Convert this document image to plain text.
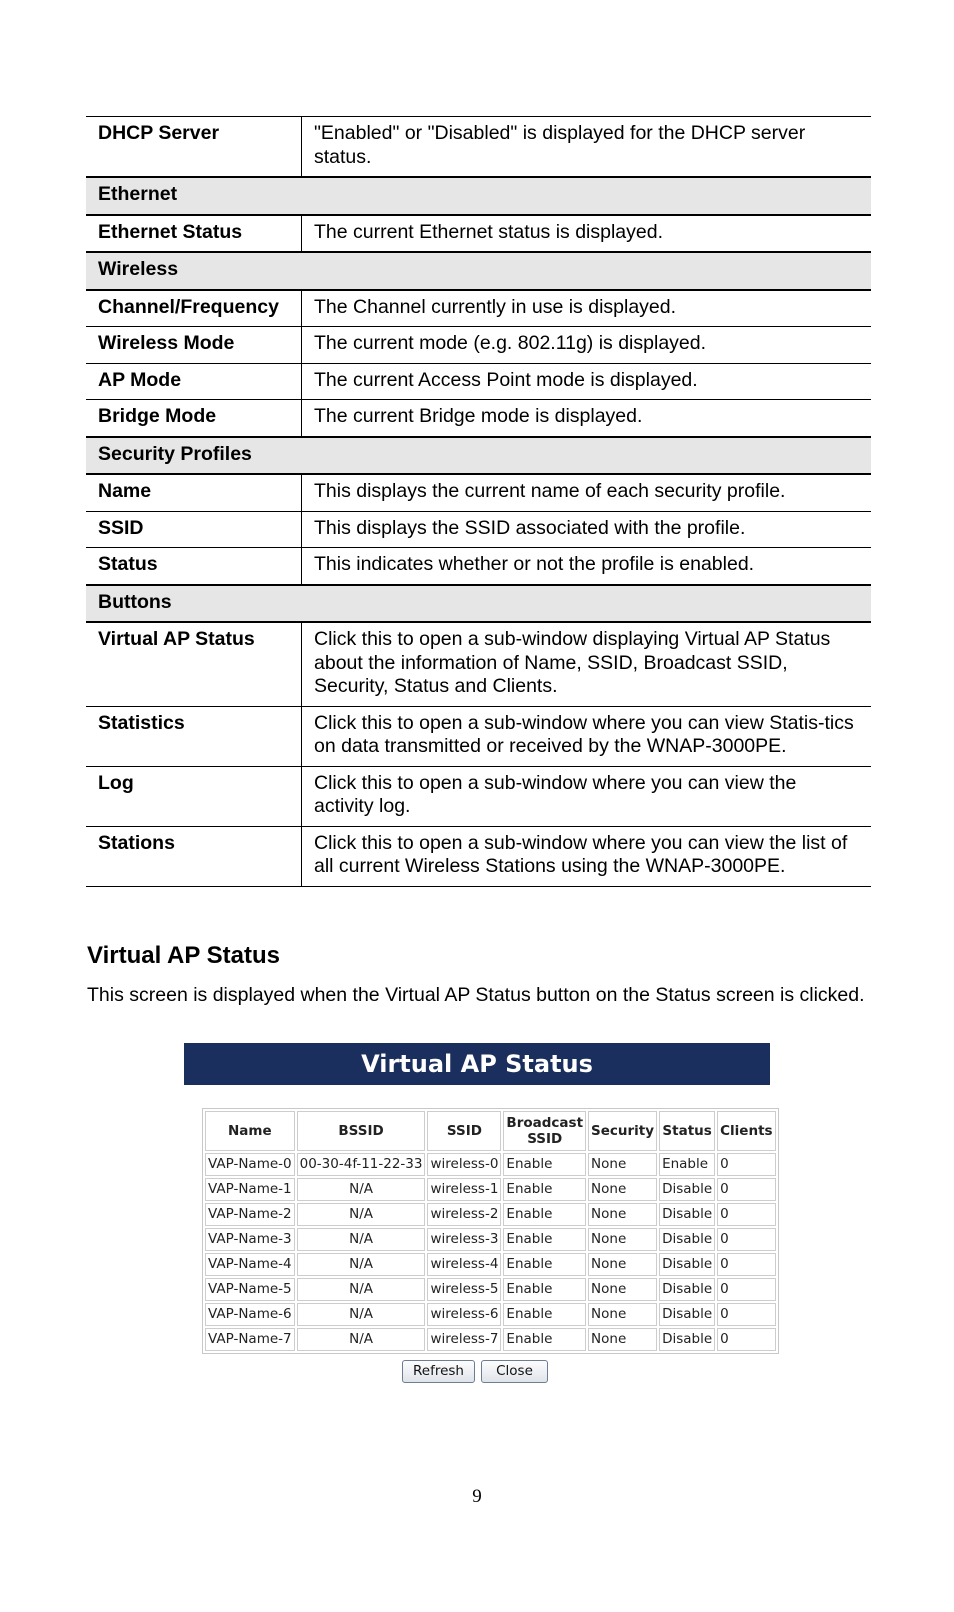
DHCP Server	"Enabled" or "Disabled" is displayed for the DHCP server status.
Ethernet	
Ethernet Status	The current Ethernet status is displayed.
Wireless	
Channel/Frequency	The Channel currently in use is displayed.
Wireless Mode	The current mode (e.g. 802.11g) is displayed.
AP Mode	The current Access Point mode is displayed.
Bridge Mode	The current Bridge mode is displayed.
Security Profiles	
Name	This displays the current name of each security profile.
SSID	This displays the SSID associated with the profile.
Status	This indicates whether or not the profile is enabled.
Buttons	
Virtual AP Status	Click this to open a sub-window displaying Virtual AP Status about the information of Name, SSID, Broadcast SSID, Security, Status and Clients.
Statistics	Click this to open a sub-window where you can view Statis-tics on data transmitted or received by the WNAP-3000PE.
Log	Click this to open a sub-window where you can view the activity log.
Stations	Click this to open a sub-window where you can view the list of all current Wireless Stations using the WNAP-3000PE.
Virtual AP Status

This screen is displayed when the Virtual AP Status button on the Status screen is clicked.

Virtual AP Status
Name	BSSID	SSID	Broadcast SSID	Security	Status	Clients
VAP-Name-0	00-30-4f-11-22-33	wireless-0	Enable	None	Enable	0
VAP-Name-1	N/A	wireless-1	Enable	None	Disable	0
VAP-Name-2	N/A	wireless-2	Enable	None	Disable	0
VAP-Name-3	N/A	wireless-3	Enable	None	Disable	0
VAP-Name-4	N/A	wireless-4	Enable	None	Disable	0
VAP-Name-5	N/A	wireless-5	Enable	None	Disable	0
VAP-Name-6	N/A	wireless-6	Enable	None	Disable	0
VAP-Name-7	N/A	wireless-7	Enable	None	Disable	0
Refresh	Close
9
